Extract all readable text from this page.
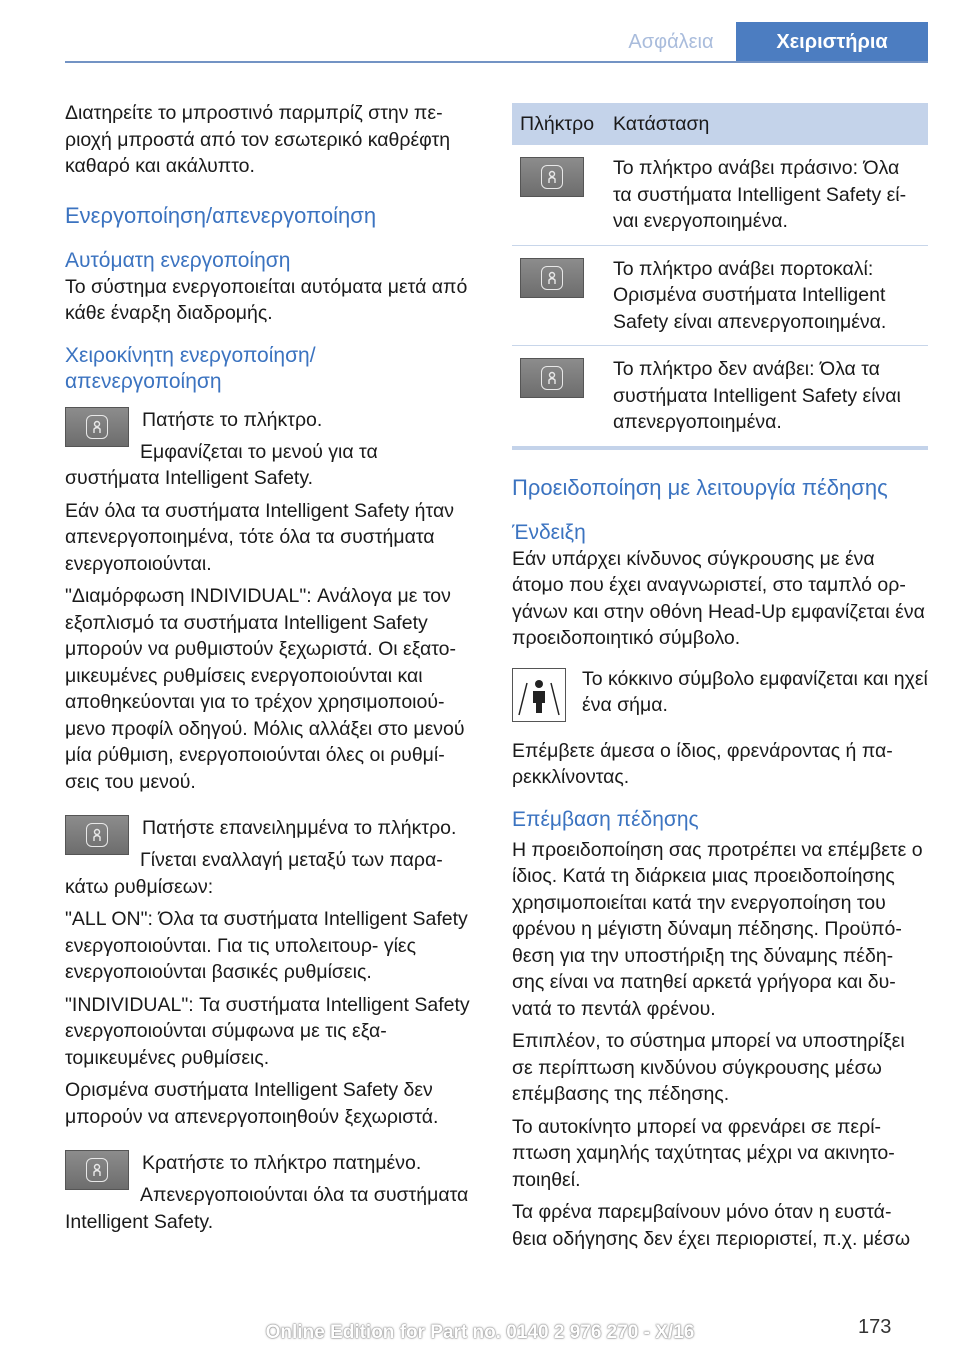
Ασφάλεια	Χειριστήρια

Διατηρείτε το μπροστινό παρμπρίζ στην πε‐ ριοχή μπροστά από τον εσωτερικό καθρέφτη καθαρό και ακάλυπτο.

Ενεργοποίηση/απενεργοποίηση
Αυτόματη ενεργοποίηση

Το σύστημα ενεργοποιείται αυτόματα μετά από κάθε έναρξη διαδρομής.

Χειροκίνητη ενεργοποίηση/ απενεργοποίηση

Πατήστε το πλήκτρο.

Εμφανίζεται το μενού για τα συστήματα Intelligent Safety.

Εάν όλα τα συστήματα Intelligent Safety ήταν απενεργοποιημένα, τότε όλα τα συστήματα ενεργοποιούνται.

"Διαμόρφωση INDIVIDUAL": Ανάλογα με τον εξοπλισμό τα συστήματα Intelligent Safety μπορούν να ρυθμιστούν ξεχωριστά. Οι εξατο‐ μικευμένες ρυθμίσεις ενεργοποιούνται και αποθηκεύονται για το τρέχον χρησιμοποιού‐ μενο προφίλ οδηγού. Μόλις αλλάξει στο μενού μία ρύθμιση, ενεργοποιούνται όλες οι ρυθμί‐ σεις του μενού.

Πατήστε επανειλημμένα το πλήκτρο.

Γίνεται εναλλαγή μεταξύ των παρα‐ κάτω ρυθμίσεων:

"ALL ON": Όλα τα συστήματα Intelligent Safety ενεργοποιούνται. Για τις υπολειτουρ‐ γίες ενεργοποιούνται βασικές ρυθμίσεις.

"INDIVIDUAL": Τα συστήματα Intelligent Safety ενεργοποιούνται σύμφωνα με τις εξα‐ τομικευμένες ρυθμίσεις.

Ορισμένα συστήματα Intelligent Safety δεν μπορούν να απενεργοποιηθούν ξεχωριστά.

Κρατήστε το πλήκτρο πατημένο.

Απενεργοποιούνται όλα τα συστήματα Intelligent Safety.

Πλήκτρο	Κατάσταση

	Το πλήκτρο ανάβει πράσινο: Όλα τα συστήματα Intelligent Safety εί‐ ναι ενεργοποιημένα.

	Το πλήκτρο ανάβει πορτοκαλί: Ορισμένα συστήματα Intelligent Safety είναι απενεργοποιημένα.

	Το πλήκτρο δεν ανάβει: Όλα τα συστήματα Intelligent Safety είναι απενεργοποιημένα.
Προειδοποίηση με λειτουργία πέδησης
Ένδειξη

Εάν υπάρχει κίνδυνος σύγκρουσης με ένα άτομο που έχει αναγνωριστεί, στο ταμπλό ορ‐ γάνων και στην οθόνη Head-Up εμφανίζεται ένα προειδοποιητικό σύμβολο.

Το κόκκινο σύμβολο εμφανίζεται και ηχεί ένα σήμα.

Επέμβετε άμεσα ο ίδιος, φρενάροντας ή πα‐ ρεκκλίνοντας.

Επέμβαση πέδησης

Η προειδοποίηση σας προτρέπει να επέμβετε ο ίδιος. Κατά τη διάρκεια μιας προειδοποίησης χρησιμοποιείται κατά την ενεργοποίηση του φρένου η μέγιστη δύναμη πέδησης. Προϋπό‐ θεση για την υποστήριξη της δύναμης πέδη‐ σης είναι να πατηθεί αρκετά γρήγορα και δυ‐ νατά το πεντάλ φρένου.

Επιπλέον, το σύστημα μπορεί να υποστηρίξει σε περίπτωση κινδύνου σύγκρουσης μέσω επέμβασης της πέδησης.

Το αυτοκίνητο μπορεί να φρενάρει σε περί‐ πτωση χαμηλής ταχύτητας μέχρι να ακινητο‐ ποιηθεί.

Τα φρένα παρεμβαίνουν μόνο όταν η ευστά‐ θεια οδήγησης δεν έχει περιοριστεί, π.χ. μέσω

173
Online Edition for Part no. 0140 2 976 270 - X/16
